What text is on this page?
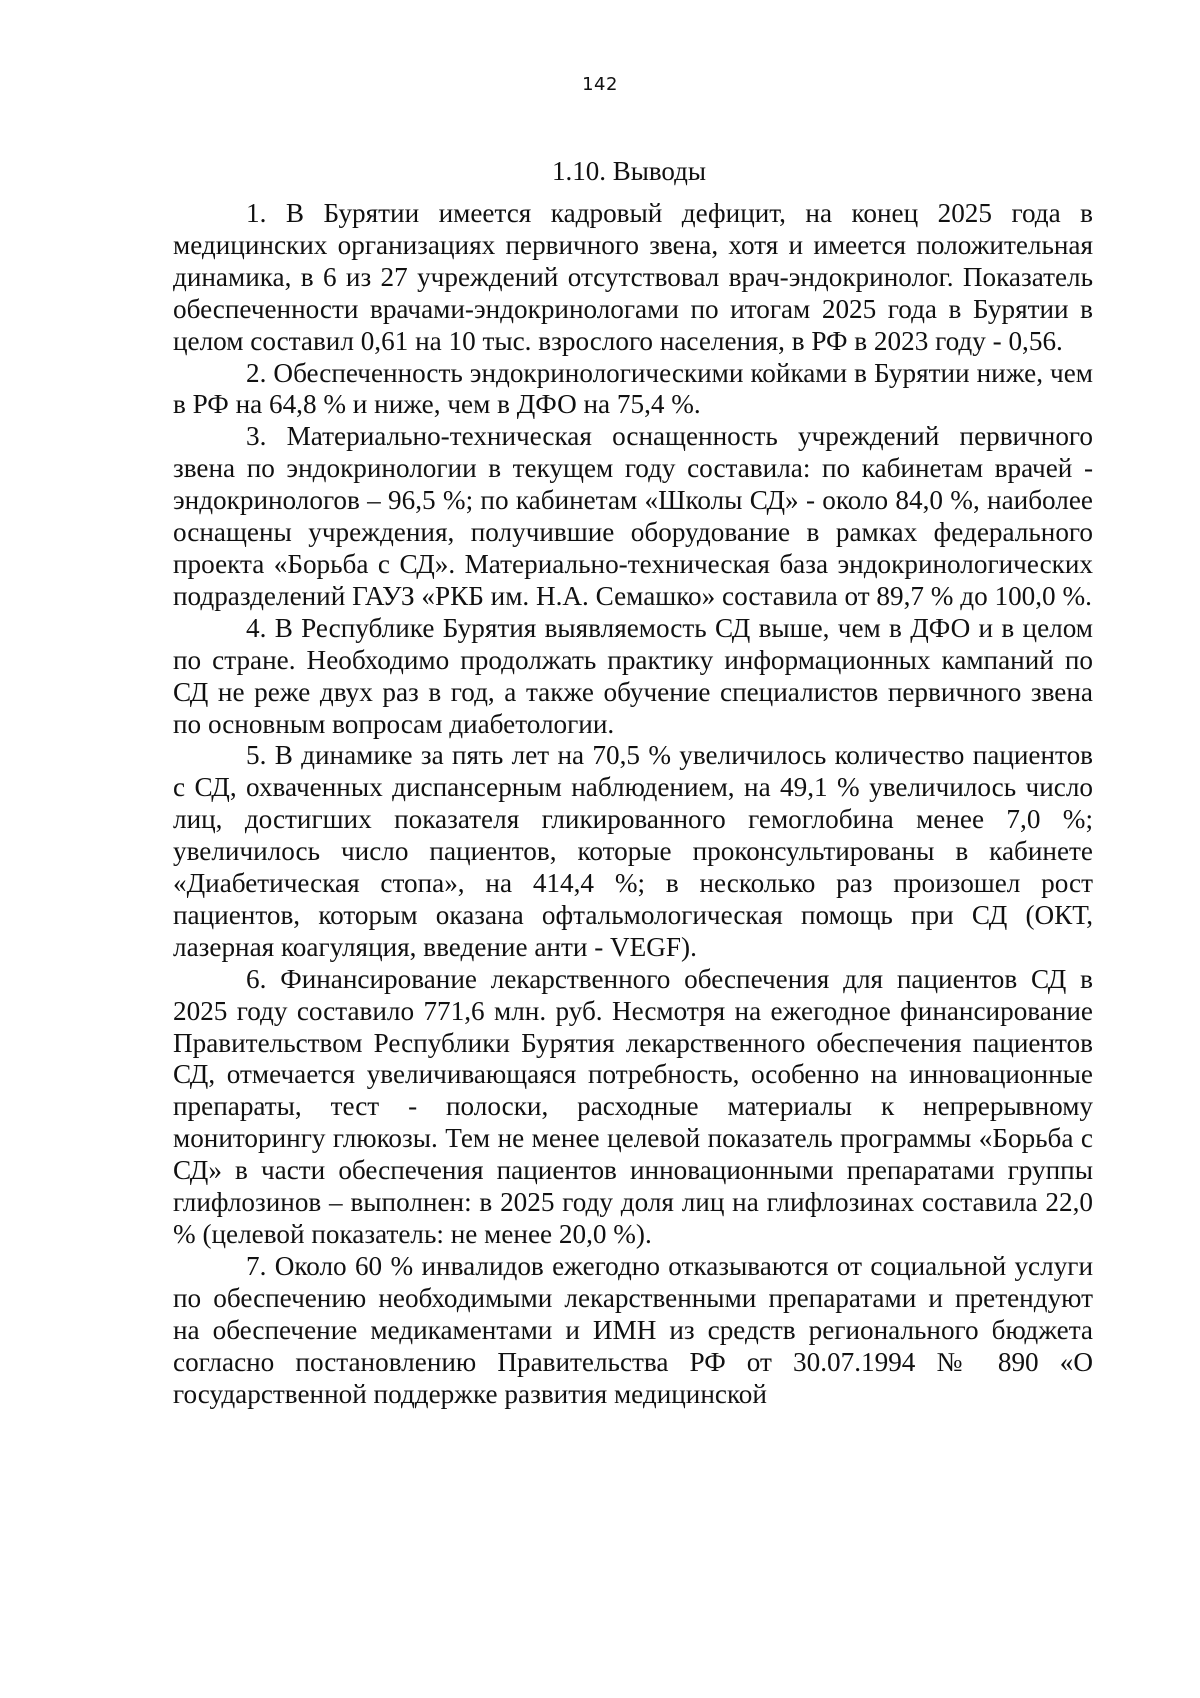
142
1.10. Выводы

1. В Бурятии имеется кадровый дефицит, на конец 2025 года в медицинских организациях первичного звена, хотя и имеется положительная динамика, в 6 из 27 учреждений отсутствовал врач-эндокринолог. Показатель обеспеченности врачами-эндокринологами по итогам 2025 года в Бурятии в целом составил 0,61 на 10 тыс. взрослого населения, в РФ в 2023 году - 0,56.

2. Обеспеченность эндокринологическими койками в Бурятии ниже, чем в РФ на 64,8 % и ниже, чем в ДФО на 75,4 %.

3. Материально-техническая оснащенность учреждений первичного звена по эндокринологии в текущем году составила: по кабинетам врачей - эндокринологов – 96,5 %; по кабинетам «Школы СД» - около 84,0 %, наиболее оснащены учреждения, получившие оборудование в рамках федерального проекта «Борьба с СД». Материально-техническая база эндокринологических подразделений ГАУЗ «РКБ им. Н.А. Семашко» составила от 89,7 % до 100,0 %.

4. В Республике Бурятия выявляемость СД выше, чем в ДФО и в целом по стране. Необходимо продолжать практику информационных кампаний по СД не реже двух раз в год, а также обучение специалистов первичного звена по основным вопросам диабетологии.

5. В динамике за пять лет на 70,5 % увеличилось количество пациентов с СД, охваченных диспансерным наблюдением, на 49,1 % увеличилось число лиц, достигших показателя гликированного гемоглобина менее 7,0 %; увеличилось число пациентов, которые проконсультированы в кабинете «Диабетическая стопа», на 414,4 %; в несколько раз произошел рост пациентов, которым оказана офтальмологическая помощь при СД (ОКТ, лазерная коагуляция, введение анти - VEGF).

6. Финансирование лекарственного обеспечения для пациентов СД в 2025 году составило 771,6 млн. руб. Несмотря на ежегодное финансирование Правительством Республики Бурятия лекарственного обеспечения пациентов СД, отмечается увеличивающаяся потребность, особенно на инновационные препараты, тест - полоски, расходные материалы к непрерывному мониторингу глюкозы. Тем не менее целевой показатель программы «Борьба с СД» в части обеспечения пациентов инновационными препаратами группы глифлозинов – выполнен: в 2025 году доля лиц на глифлозинах составила 22,0 % (целевой показатель: не менее 20,0 %).

7. Около 60 % инвалидов ежегодно отказываются от социальной услуги по обеспечению необходимыми лекарственными препаратами и претендуют на обеспечение медикаментами и ИМН из средств регионального бюджета согласно постановлению Правительства РФ от 30.07.1994 № 890 «О государственной поддержке развития медицинской
